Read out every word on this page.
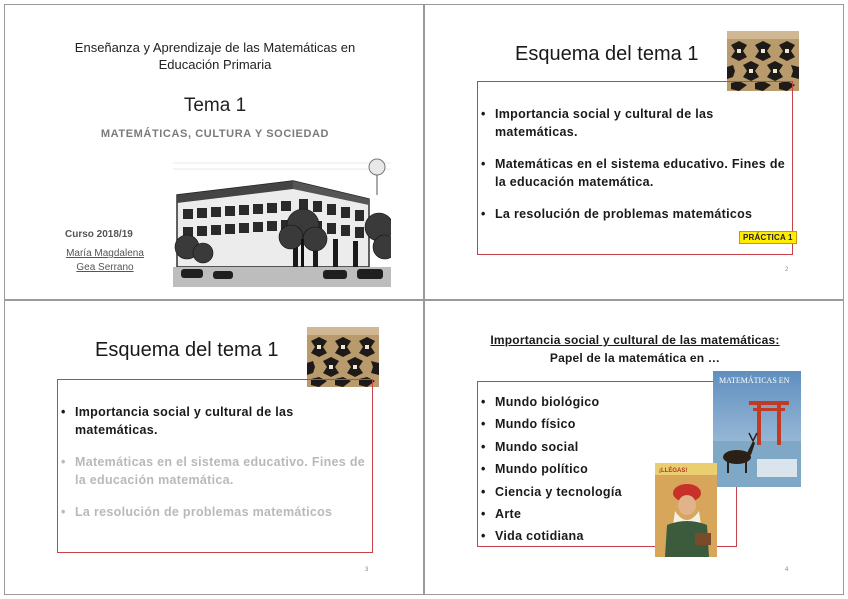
Enseñanza y Aprendizaje de las Matemáticas en
Educación Primaria
Tema 1
MATEMÁTICAS, CULTURA Y SOCIEDAD
Curso 2018/19
María Magdalena
Gea Serrano
Esquema del tema 1
• Importancia social y cultural de las matemáticas.
• Matemáticas en el sistema educativo. Fines de la educación matemática.
• La resolución de problemas matemáticos
PRÁCTICA 1
2
Esquema del tema 1
• Importancia social y cultural de las matemáticas.
• Matemáticas en el sistema educativo. Fines de la educación matemática.
• La resolución de problemas matemáticos
3
Importancia social y cultural de las matemáticas:
Papel de la matemática en …
• Mundo biológico
• Mundo físico
• Mundo social
• Mundo político
• Ciencia y tecnología
• Arte
• Vida cotidiana
MATEMÁTICAS EN
¡LLÉGAS!
4
